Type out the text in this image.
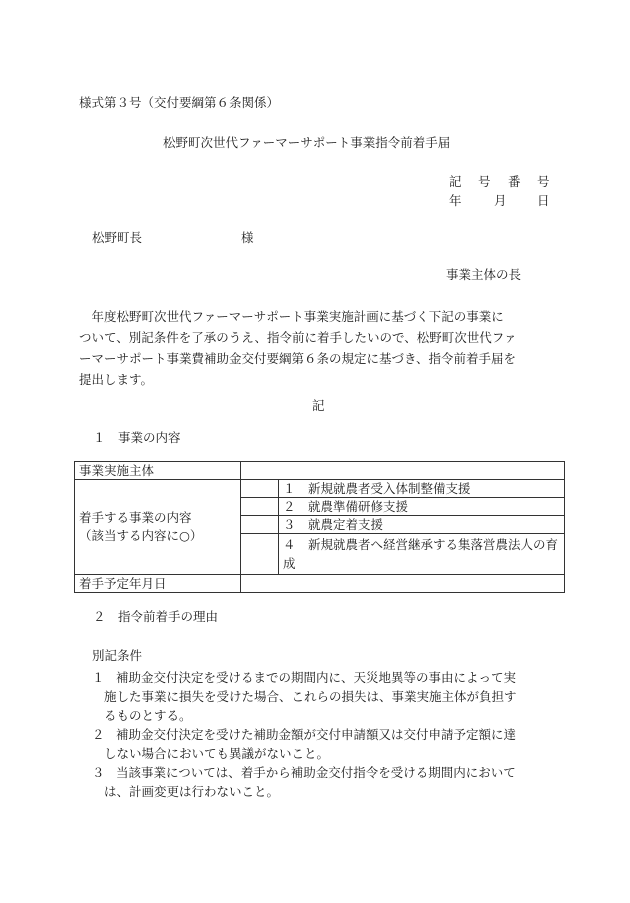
様式第３号（交付要綱第６条関係）
松野町次世代ファーマーサポート事業指令前着手届
記 号 番 号
年	月 日
松野町長	様
事業主体の長
　年度松野町次世代ファーマーサポート事業実施計画に基づく下記の事業に
ついて、別記条件を了承のうえ、指令前に着手したいので、松野町次世代ファ
ーマーサポート事業費補助金交付要綱第６条の規定に基づき、指令前着手届を
提出します。
記
１　事業の内容
事業実施主体		

着手する事業の内容
（該当する内容に○）		１　 新規就農者受入体制整備支援
		２　 就農準備研修支援
		３　 就農定着支援

		４　 新規就農者へ経営継承する集落営農法人の育
成

着手予定年月日		
２　指令前着手の理由
別記条件
１ 補助金交付決定を受けるまでの期間内に、天災地異等の事由によって実
施した事業に損失を受けた場合、これらの損失は、事業実施主体が負担す
るものとする。
２ 補助金交付決定を受けた補助金額が交付申請額又は交付申請予定額に達
しない場合においても異議がないこと。
３ 当該事業については、着手から補助金交付指令を受ける期間内において
は、計画変更は行わないこと。
